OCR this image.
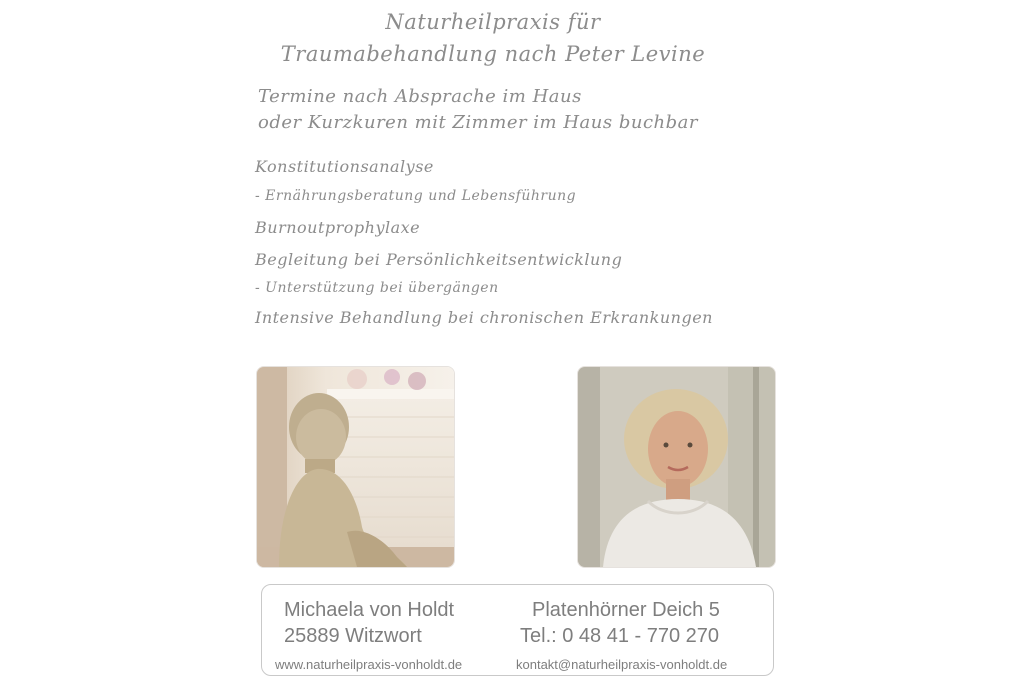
Naturheilpraxis für
Traumabehandlung nach Peter Levine
Termine nach Absprache im Haus
oder Kurzkuren mit Zimmer im Haus buchbar
Konstitutionsanalyse
- Ernährungsberatung und Lebensführung
Burnoutprophylaxe
Begleitung bei Persönlichkeitsentwicklung
- Unterstützung bei übergängen
Intensive Behandlung bei chronischen Erkrankungen
Michaela von Holdt
25889 Witzwort
Platenhörner Deich 5
Tel.: 0 48 41 - 770 270
www.naturheilpraxis-vonholdt.de	kontakt@naturheilpraxis-vonholdt.de
